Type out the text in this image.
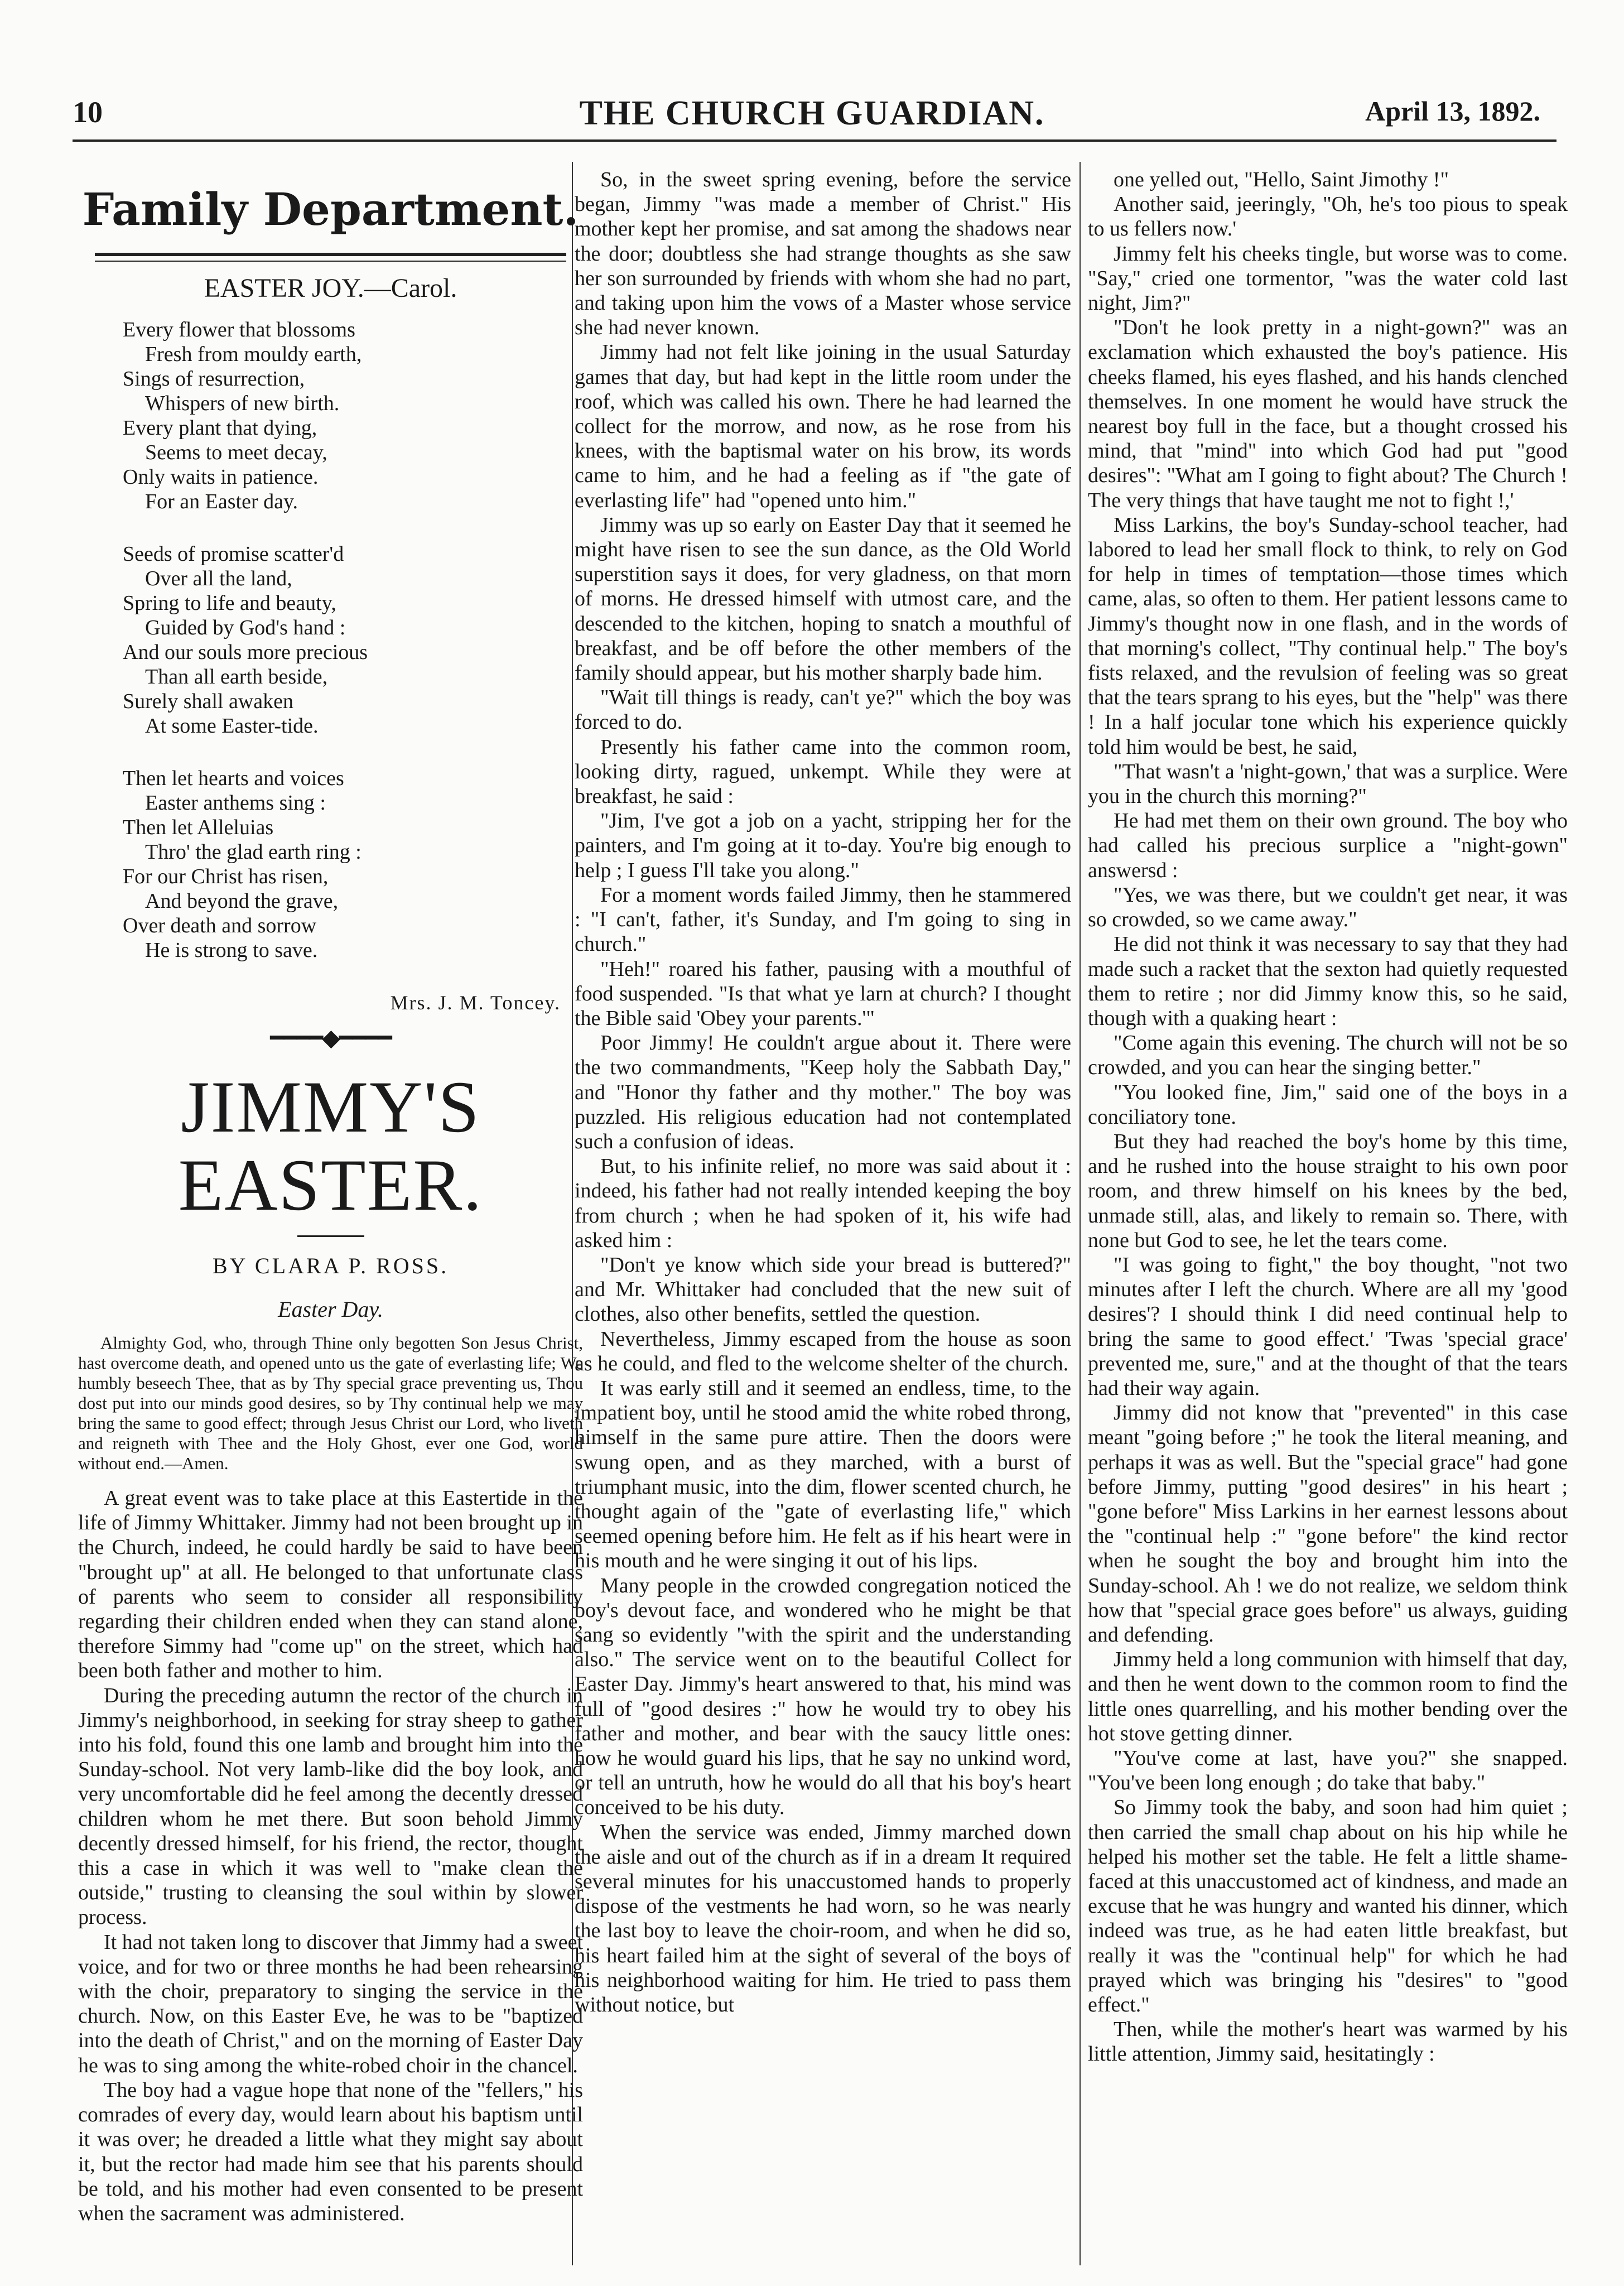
10	THE CHURCH GUARDIAN.	April 13, 1892.
Family Department.
EASTER JOY.—Carol.
Every flower that blossoms
Fresh from mouldy earth,
Sings of resurrection,
Whispers of new birth.
Every plant that dying,
Seems to meet decay,
Only waits in patience.
For an Easter day.
Seeds of promise scatter'd
Over all the land,
Spring to life and beauty,
Guided by God's hand :
And our souls more precious
Than all earth beside,
Surely shall awaken
At some Easter-tide.
Then let hearts and voices
Easter anthems sing :
Then let Alleluias
Thro' the glad earth ring :
For our Christ has risen,
And beyond the grave,
Over death and sorrow
He is strong to save.
Mrs. J. M. Toncey.
━━━━◆━━━━
JIMMY'S EASTER.
BY CLARA P. ROSS.
Easter Day.
Almighty God, who, through Thine only begotten Son Jesus Christ, hast overcome death, and opened unto us the gate of everlasting life; We humbly beseech Thee, that as by Thy special grace preventing us, Thou dost put into our minds good desires, so by Thy continual help we may bring the same to good effect; through Jesus Christ our Lord, who liveth and reigneth with Thee and the Holy Ghost, ever one God, world without end.—Amen.

A great event was to take place at this Eastertide in the life of Jimmy Whittaker. Jimmy had not been brought up in the Church, indeed, he could hardly be said to have been "brought up" at all. He belonged to that unfortunate class of parents who seem to consider all responsibility regarding their children ended when they can stand alone, therefore Simmy had "come up" on the street, which had been both father and mother to him.

During the preceding autumn the rector of the church in Jimmy's neighborhood, in seeking for stray sheep to gather into his fold, found this one lamb and brought him into the Sunday-school. Not very lamb-like did the boy look, and very uncomfortable did he feel among the decently dressed children whom he met there. But soon behold Jimmy decently dressed himself, for his friend, the rector, thought this a case in which it was well to "make clean the outside," trusting to cleansing the soul within by slower process.

It had not taken long to discover that Jimmy had a sweet voice, and for two or three months he had been rehearsing with the choir, preparatory to singing the service in the church. Now, on this Easter Eve, he was to be "baptized into the death of Christ," and on the morning of Easter Day he was to sing among the white-robed choir in the chancel.

The boy had a vague hope that none of the "fellers," his comrades of every day, would learn about his baptism until it was over; he dreaded a little what they might say about it, but the rector had made him see that his parents should be told, and his mother had even consented to be present when the sacrament was administered.

So, in the sweet spring evening, before the service began, Jimmy "was made a member of Christ." His mother kept her promise, and sat among the shadows near the door; doubtless she had strange thoughts as she saw her son surrounded by friends with whom she had no part, and taking upon him the vows of a Master whose service she had never known.

Jimmy had not felt like joining in the usual Saturday games that day, but had kept in the little room under the roof, which was called his own. There he had learned the collect for the morrow, and now, as he rose from his knees, with the baptismal water on his brow, its words came to him, and he had a feeling as if "the gate of everlasting life" had "opened unto him."

Jimmy was up so early on Easter Day that it seemed he might have risen to see the sun dance, as the Old World superstition says it does, for very gladness, on that morn of morns. He dressed himself with utmost care, and the descended to the kitchen, hoping to snatch a mouthful of breakfast, and be off before the other members of the family should appear, but his mother sharply bade him.

"Wait till things is ready, can't ye?" which the boy was forced to do.

Presently his father came into the common room, looking dirty, ragued, unkempt. While they were at breakfast, he said :

"Jim, I've got a job on a yacht, stripping her for the painters, and I'm going at it to-day. You're big enough to help ; I guess I'll take you along."

For a moment words failed Jimmy, then he stammered : "I can't, father, it's Sunday, and I'm going to sing in church."

"Heh!" roared his father, pausing with a mouthful of food suspended. "Is that what ye larn at church? I thought the Bible said 'Obey your parents.'"

Poor Jimmy! He couldn't argue about it. There were the two commandments, "Keep holy the Sabbath Day," and "Honor thy father and thy mother." The boy was puzzled. His religious education had not contemplated such a confusion of ideas.

But, to his infinite relief, no more was said about it : indeed, his father had not really intended keeping the boy from church ; when he had spoken of it, his wife had asked him :

"Don't ye know which side your bread is buttered?" and Mr. Whittaker had concluded that the new suit of clothes, also other benefits, settled the question.

Nevertheless, Jimmy escaped from the house as soon as he could, and fled to the welcome shelter of the church.

It was early still and it seemed an endless, time, to the impatient boy, until he stood amid the white robed throng, himself in the same pure attire. Then the doors were swung open, and as they marched, with a burst of triumphant music, into the dim, flower scented church, he thought again of the "gate of everlasting life," which seemed opening before him. He felt as if his heart were in his mouth and he were singing it out of his lips.

Many people in the crowded congregation noticed the boy's devout face, and wondered who he might be that sang so evidently "with the spirit and the understanding also." The service went on to the beautiful Collect for Easter Day. Jimmy's heart answered to that, his mind was full of "good desires :" how he would try to obey his father and mother, and bear with the saucy little ones: how he would guard his lips, that he say no unkind word, or tell an untruth, how he would do all that his boy's heart conceived to be his duty.

When the service was ended, Jimmy marched down the aisle and out of the church as if in a dream It required several minutes for his unaccustomed hands to properly dispose of the vestments he had worn, so he was nearly the last boy to leave the choir-room, and when he did so, his heart failed him at the sight of several of the boys of his neighborhood waiting for him. He tried to pass them without notice, but

one yelled out, "Hello, Saint Jimothy !"

Another said, jeeringly, "Oh, he's too pious to speak to us fellers now.'

Jimmy felt his cheeks tingle, but worse was to come. "Say," cried one tormentor, "was the water cold last night, Jim?"

"Don't he look pretty in a night-gown?" was an exclamation which exhausted the boy's patience. His cheeks flamed, his eyes flashed, and his hands clenched themselves. In one moment he would have struck the nearest boy full in the face, but a thought crossed his mind, that "mind" into which God had put "good desires": "What am I going to fight about? The Church ! The very things that have taught me not to fight !,'

Miss Larkins, the boy's Sunday-school teacher, had labored to lead her small flock to think, to rely on God for help in times of temptation—those times which came, alas, so often to them. Her patient lessons came to Jimmy's thought now in one flash, and in the words of that morning's collect, "Thy continual help." The boy's fists relaxed, and the revulsion of feeling was so great that the tears sprang to his eyes, but the "help" was there ! In a half jocular tone which his experience quickly told him would be best, he said,

"That wasn't a 'night-gown,' that was a surplice. Were you in the church this morning?"

He had met them on their own ground. The boy who had called his precious surplice a "night-gown" answersd :

"Yes, we was there, but we couldn't get near, it was so crowded, so we came away."

He did not think it was necessary to say that they had made such a racket that the sexton had quietly requested them to retire ; nor did Jimmy know this, so he said, though with a quaking heart :

"Come again this evening. The church will not be so crowded, and you can hear the singing better."

"You looked fine, Jim," said one of the boys in a conciliatory tone.

But they had reached the boy's home by this time, and he rushed into the house straight to his own poor room, and threw himself on his knees by the bed, unmade still, alas, and likely to remain so. There, with none but God to see, he let the tears come.

"I was going to fight," the boy thought, "not two minutes after I left the church. Where are all my 'good desires'? I should think I did need continual help to bring the same to good effect.' 'Twas 'special grace' prevented me, sure," and at the thought of that the tears had their way again.

Jimmy did not know that "prevented" in this case meant "going before ;" he took the literal meaning, and perhaps it was as well. But the "special grace" had gone before Jimmy, putting "good desires" in his heart ; "gone before" Miss Larkins in her earnest lessons about the "continual help :" "gone before" the kind rector when he sought the boy and brought him into the Sunday-school. Ah ! we do not realize, we seldom think how that "special grace goes before" us always, guiding and defending.

Jimmy held a long communion with himself that day, and then he went down to the common room to find the little ones quarrelling, and his mother bending over the hot stove getting dinner.

"You've come at last, have you?" she snapped. "You've been long enough ; do take that baby."

So Jimmy took the baby, and soon had him quiet ; then carried the small chap about on his hip while he helped his mother set the table. He felt a little shame-faced at this unaccustomed act of kindness, and made an excuse that he was hungry and wanted his dinner, which indeed was true, as he had eaten little breakfast, but really it was the "continual help" for which he had prayed which was bringing his "desires" to "good effect."

Then, while the mother's heart was warmed by his little attention, Jimmy said, hesitatingly :
